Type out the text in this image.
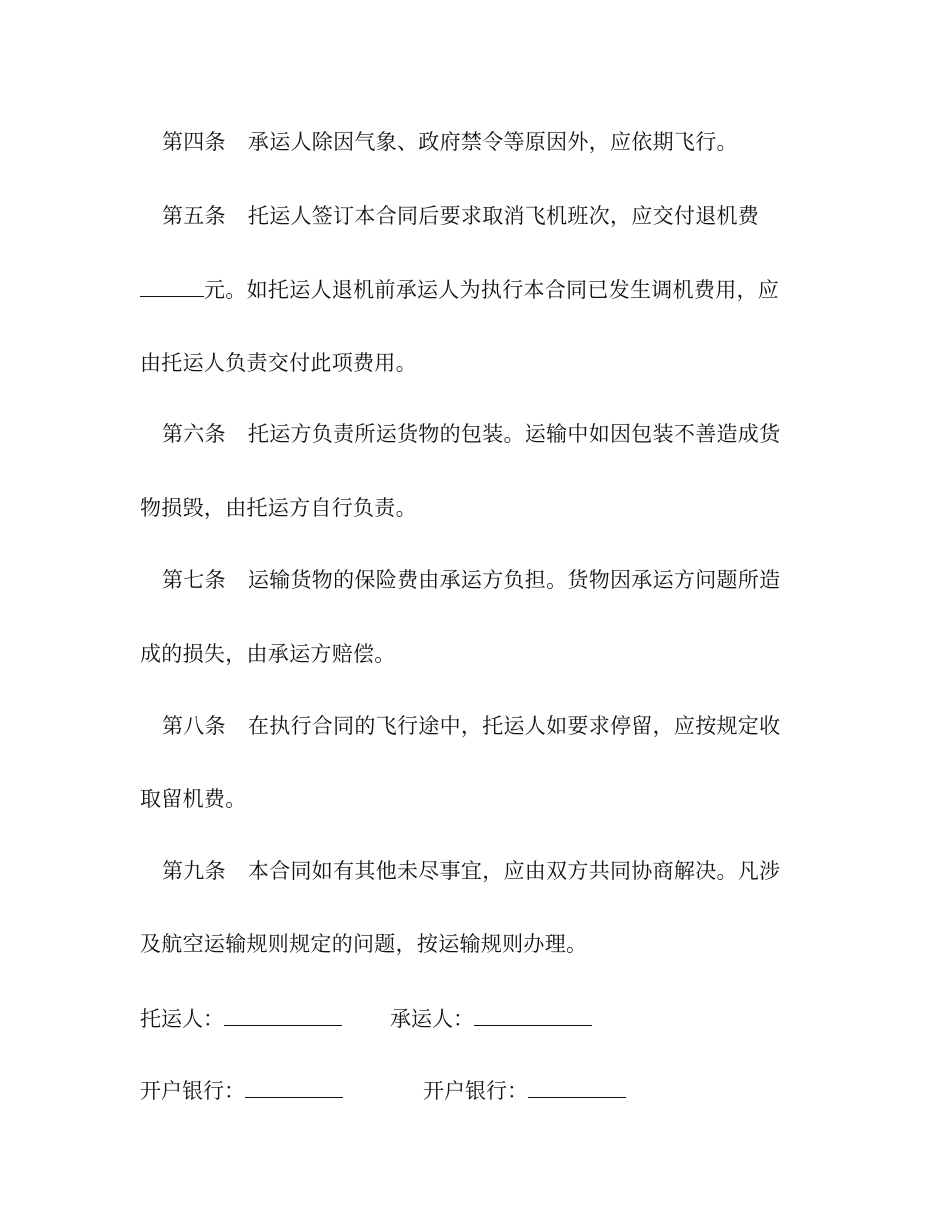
第四条 承运人除因气象、政府禁令等原因外，应依期飞行。
第五条 托运人签订本合同后要求取消飞机班次，应交付退机费
元。如托运人退机前承运人为执行本合同已发生调机费用，应
由托运人负责交付此项费用。
第六条 托运方负责所运货物的包装。运输中如因包装不善造成货
物损毁，由托运方自行负责。
第七条 运输货物的保险费由承运方负担。货物因承运方问题所造
成的损失，由承运方赔偿。
第八条 在执行合同的飞行途中，托运人如要求停留，应按规定收
取留机费。
第九条 本合同如有其他未尽事宜，应由双方共同协商解决。凡涉
及航空运输规则规定的问题，按运输规则办理。
托运人：	承运人：
开户银行：	开户银行：
